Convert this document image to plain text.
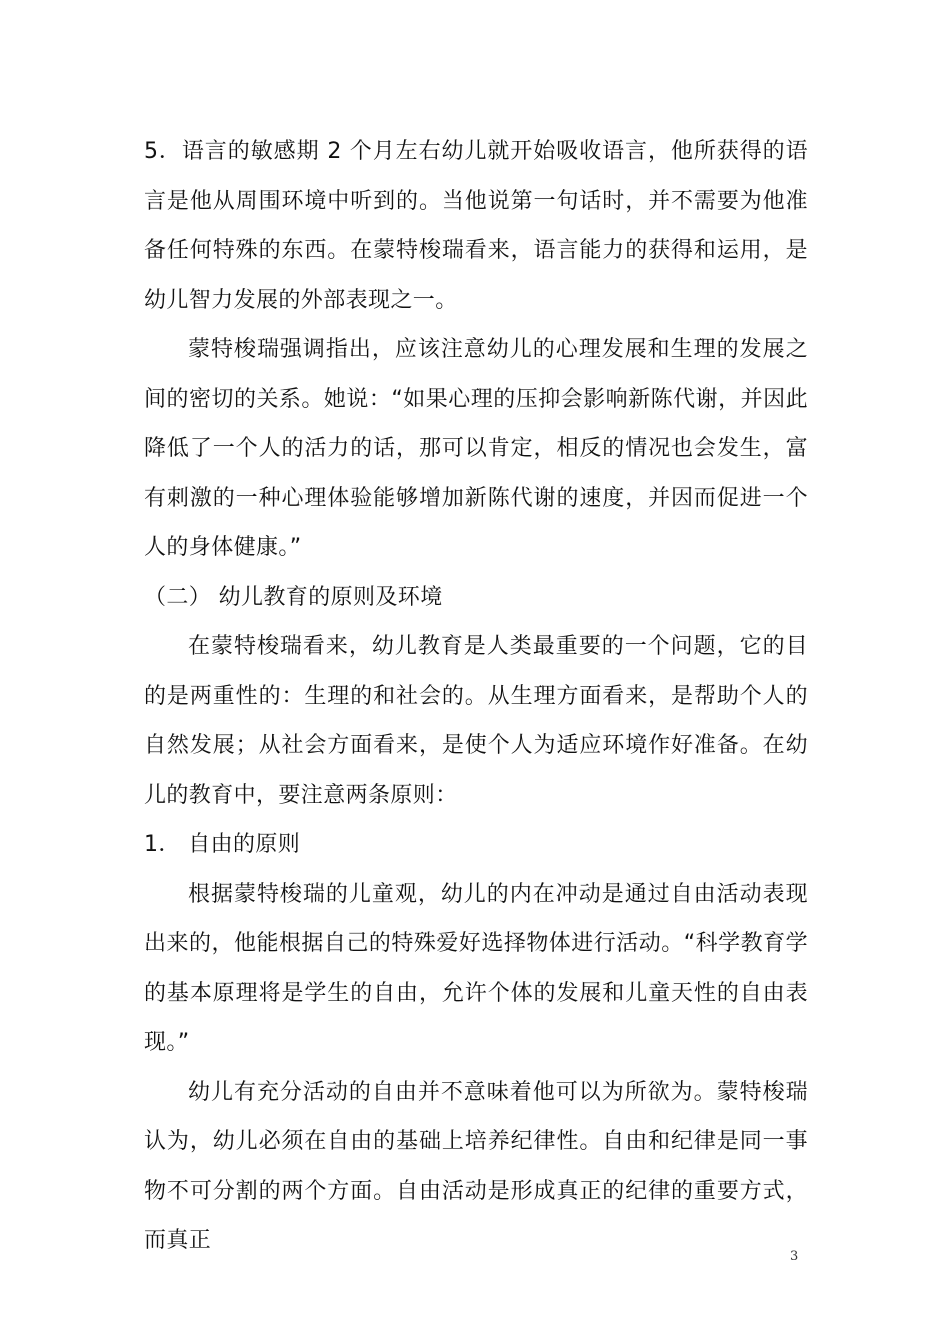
5．语言的敏感期 2 个月左右幼儿就开始吸收语言，他所获得的语言是他从周围环境中听到的。当他说第一句话时，并不需要为他准备任何特殊的东西。在蒙特梭瑞看来，语言能力的获得和运用，是幼儿智力发展的外部表现之一。

蒙特梭瑞强调指出，应该注意幼儿的心理发展和生理的发展之间的密切的关系。她说：“如果心理的压抑会影响新陈代谢，并因此降低了一个人的活力的话，那可以肯定，相反的情况也会发生，富有刺激的一种心理体验能够增加新陈代谢的速度，并因而促进一个人的身体健康。”

（二） 幼儿教育的原则及环境

在蒙特梭瑞看来，幼儿教育是人类最重要的一个问题，它的目的是两重性的：生理的和社会的。从生理方面看来，是帮助个人的自然发展；从社会方面看来，是使个人为适应环境作好准备。在幼儿的教育中，要注意两条原则：

1． 自由的原则

根据蒙特梭瑞的儿童观，幼儿的内在冲动是通过自由活动表现出来的，他能根据自己的特殊爱好选择物体进行活动。“科学教育学的基本原理将是学生的自由，允许个体的发展和儿童天性的自由表现。”

幼儿有充分活动的自由并不意味着他可以为所欲为。蒙特梭瑞认为，幼儿必须在自由的基础上培养纪律性。自由和纪律是同一事物不可分割的两个方面。自由活动是形成真正的纪律的重要方式，而真正

3
